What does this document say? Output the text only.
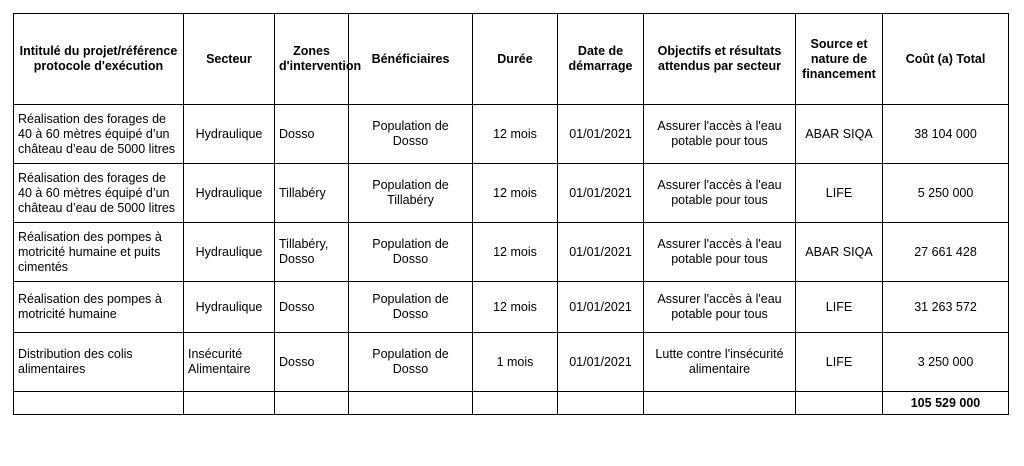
Intitulé du projet/référence protocole d'exécution	Secteur	Zones d'intervention	Bénéficiaires	Durée	Date de démarrage	Objectifs et résultats attendus par secteur	Source et nature de financement	Coût (a) Total
Réalisation des forages de 40 à 60 mètres équipé d’un château d’eau de 5000 litres	Hydraulique	Dosso	Population de Dosso	12 mois	01/01/2021	Assurer l'accès à l'eau potable pour tous	ABAR SIQA	38 104 000
Réalisation des forages de 40 à 60 mètres équipé d’un château d’eau de 5000 litres	Hydraulique	Tillabéry	Population de Tillabéry	12 mois	01/01/2021	Assurer l'accès à l'eau potable pour tous	LIFE	5 250 000
Réalisation des pompes à motricité humaine et puits cimentés	Hydraulique	Tillabéry, Dosso	Population de Dosso	12 mois	01/01/2021	Assurer l'accès à l'eau potable pour tous	ABAR SIQA	27 661 428
Réalisation des pompes à motricité humaine	Hydraulique	Dosso	Population de Dosso	12 mois	01/01/2021	Assurer l'accès à l'eau potable pour tous	LIFE	31 263 572
Distribution des colis alimentaires	Insécurité Alimentaire	Dosso	Population de Dosso	1 mois	01/01/2021	Lutte contre l'insécurité alimentaire	LIFE	3 250 000
								105 529 000
